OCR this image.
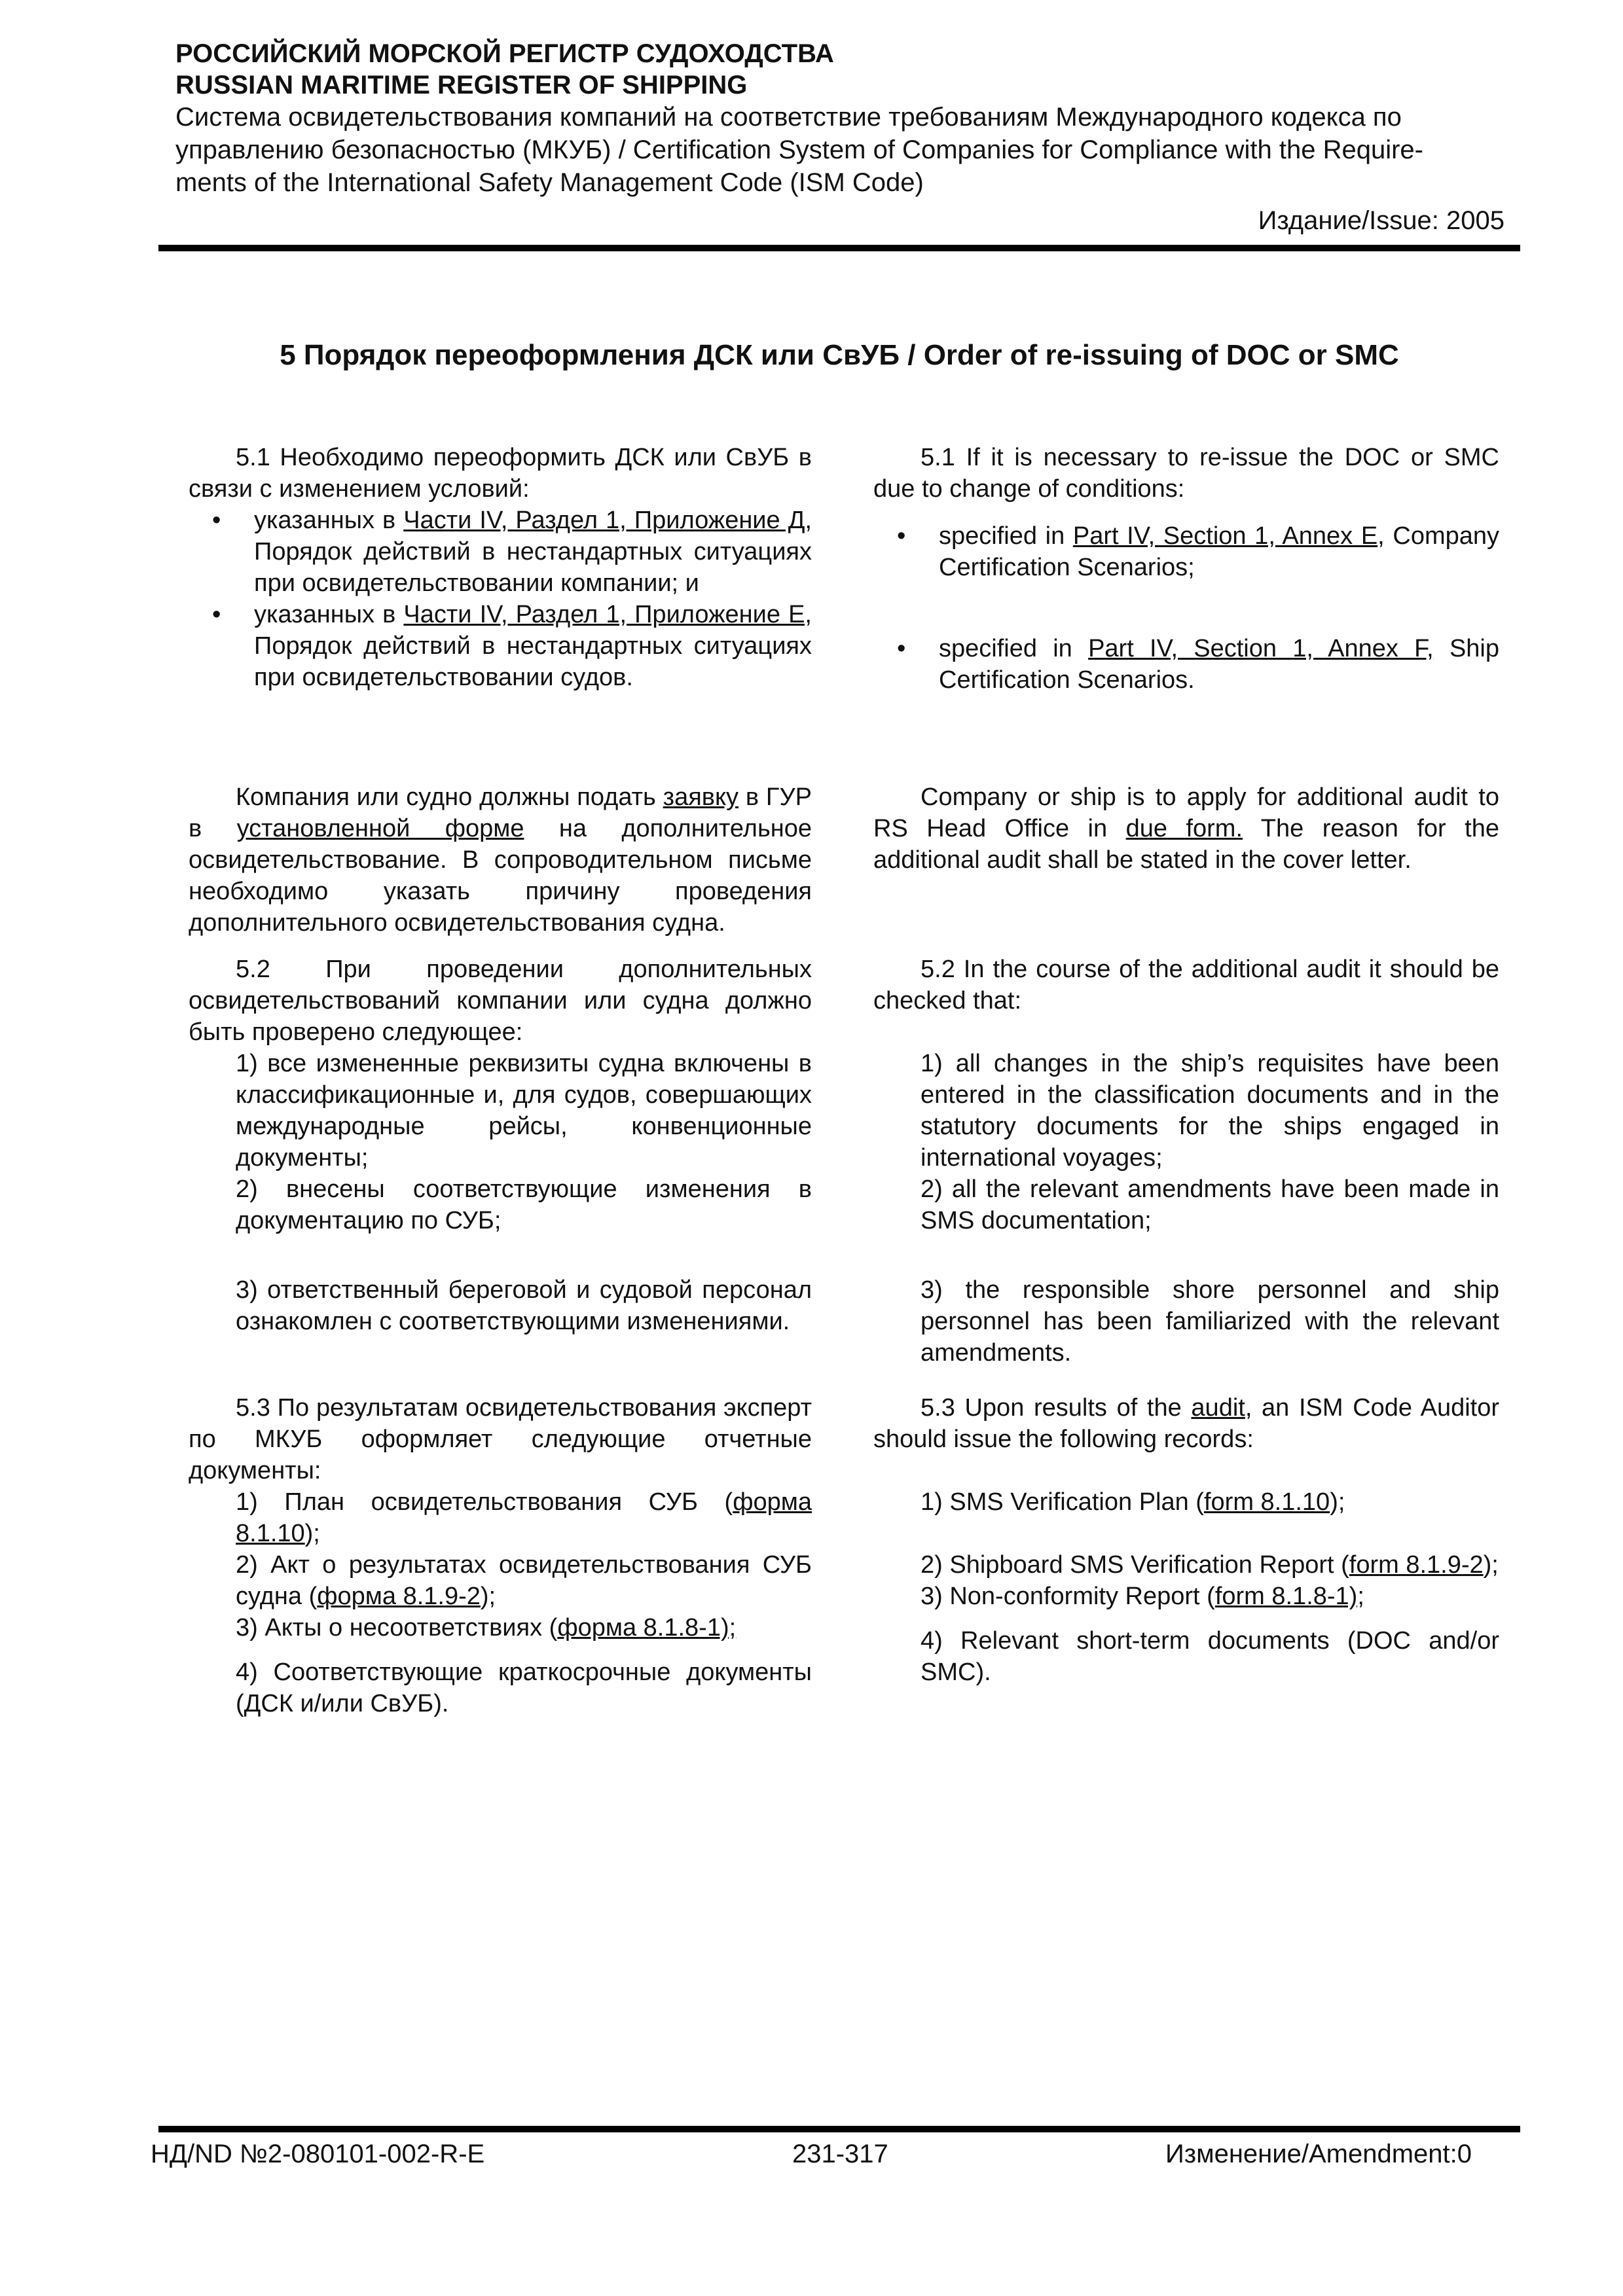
РОССИЙСКИЙ МОРСКОЙ РЕГИСТР СУДОХОДСТВА

RUSSIAN MARITIME REGISTER OF SHIPPING

Система освидетельствования компаний на соответствие требованиям Международного кодекса по

управлению безопасностью (МКУБ) / Certification System of Companies for Compliance with the Require-

ments of the International Safety Management Code (ISM Code)

Издание/Issue: 2005
5 Порядок переоформления ДСК или СвУБ / Order of re-issuing of DOC or SMC

5.1 Необходимо переоформить ДСК или СвУБ в связи с изменением условий:

• указанных в Части IV, Раздел 1, Приложение Д, Порядок действий в нестандартных ситуациях при освидетельствовании компании; и
• указанных в Части IV, Раздел 1, Приложение Е, Порядок действий в нестандартных ситуациях при освидетельствовании судов.

Компания или судно должны подать заявку в ГУР в установленной форме на дополнительное освидетельствование. В сопроводительном письме необходимо указать причину проведения дополнительного освидетельствования судна.

5.2 При проведении дополнительных освидетельствований компании или судна должно быть проверено следующее:

1) все измененные реквизиты судна включены в классификационные и, для судов, совершающих международные рейсы, конвенционные документы;

2) внесены соответствующие изменения в документацию по СУБ;

3) ответственный береговой и судовой персонал ознакомлен с соответствующими изменениями.

5.3 По результатам освидетельствования эксперт по МКУБ оформляет следующие отчетные документы:

1) План освидетельствования СУБ (форма 8.1.10);

2) Акт о результатах освидетельствования СУБ судна (форма 8.1.9-2);

3) Акты о несоответствиях (форма 8.1.8-1);

4) Соответствующие краткосрочные документы (ДСК и/или СвУБ).

5.1 If it is necessary to re-issue the DOC or SMC due to change of conditions:

• specified in Part IV, Section 1, Annex E, Company Certification Scenarios;
• specified in Part IV, Section 1, Annex F, Ship Certification Scenarios.

Company or ship is to apply for additional audit to RS Head Office in due form. The reason for the additional audit shall be stated in the cover letter.

5.2 In the course of the additional audit it should be checked that:

1) all changes in the ship’s requisites have been entered in the classification documents and in the statutory documents for the ships engaged in international voyages;

2) all the relevant amendments have been made in SMS documentation;

3) the responsible shore personnel and ship personnel has been familiarized with the relevant amendments.

5.3 Upon results of the audit, an ISM Code Auditor should issue the following records:

1) SMS Verification Plan (form 8.1.10);

2) Shipboard SMS Verification Report (form 8.1.9-2);

3) Non-conformity Report (form 8.1.8-1);

4) Relevant short-term documents (DOC and/or SMC).

НД/ND №2-080101-002-R-E	231-317	Изменение/Amendment:0
